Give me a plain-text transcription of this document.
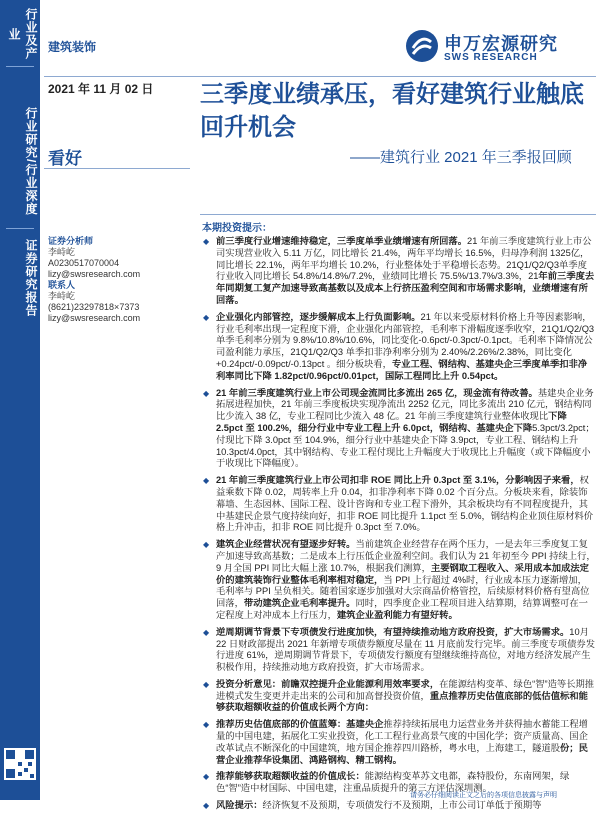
行业及产业
行业研究/行业深度
证券研究报告
建筑装饰	申万宏源研究
SWS RESEARCH
2021 年 11 月 02 日
看好
三季度业绩承压，看好建筑行业触底回升机会
——建筑行业 2021 年三季报回顾
证券分析师
李峙屹
A0230517070004
lizy@swsresearch.com
联系人
李峙屹
(8621)23297818×7373
lizy@swsresearch.com
本期投资提示：
◆ 前三季度行业增速维持稳定，三季度单季业绩增速有所回落。21 年前三季度建筑行业上市公司实现营业收入 5.11 万亿，同比增长 21.4%，两年平均增长 16.5%，归母净利润 1325亿，同比增长 22.1%，两年平均增长 10.2%，行业整体处于平稳增长态势。21Q1/Q2/Q3单季度行业收入同比增长 54.8%/14.8%/7.2%，业绩同比增长 75.5%/13.7%/3.3%，21年前三季度去年同期复工复产加速导致高基数以及成本上行挤压盈利空间和市场需求影响，业绩增速有所回落。
◆ 企业强化内部管控，逐步缓解成本上行负面影响。21 年以来受原材料价格上升等因素影响，行业毛利率出现一定程度下滑，企业强化内部管控，毛利率下滑幅度逐季收窄，21Q1/Q2/Q3 单季毛利率分别为 9.8%/10.8%/10.6%，同比变化-0.6pct/-0.3pct/-0.1pct。毛利率下降情况公司盈利能力承压，21Q1/Q2/Q3 单季扣非净利率分别为 2.40%/2.26%/2.38%，同比变化+0.24pct/-0.09pct/-0.13pct 。细分板块看，专业工程、钢结构、基建央企三季度单季扣非净利率同比下降 1.82pct/0.96pct/0.01pct，国际工程同比上升 0.54pct。
◆ 21 年前三季度建筑行业上市公司现金流同比多流出 265 亿，现金流有待改善。基建央企业务拓展进程加快，21 年前三季度板块实现净流出 2252 亿元，同比多流出 210 亿元，钢结构同比少流入 38 亿，专业工程同比少流入 48 亿。21 年前三季度建筑行业整体收现比下降 2.5pct 至 100.2%，细分行业中专业工程上升 6.0pct，钢结构、基建央企下降5.3pct/3.2pct；付现比下降 3.0pct 至 104.9%，细分行业中基建央企下降 3.9pct，专业工程、钢结构上升 10.3pct/4.0pct，其中钢结构、专业工程付现比上升幅度大于收现比上升幅度（或下降幅度小于收现比下降幅度）。
◆ 21 年前三季度建筑行业上市公司扣非 ROE 同比上升 0.3pct 至 3.1%，分影响因子来看，权益乘数下降 0.02，周转率上升 0.04，扣非净利率下降 0.02 个百分点。分板块来看，除装饰幕墙、生态园林、国际工程、设计咨询和专业工程下滑外，其余板块均有不同程度提升，其中基建民企景气度持续向好，扣非 ROE 同比提升 1.1pct 至 5.0%，钢结构企业顶住原材料价格上升冲击，扣非 ROE 同比提升 0.3pct 至 7.0%。
◆ 建筑企业经营状况有望逐步好转。当前建筑企业经营存在两个压力，一是去年三季度复工复产加速导致高基数；二是成本上行压低企业盈利空间。我们认为 21 年初至今 PPI 持续上行，9 月全国 PPI 同比大幅上涨 10.7%，根据我们测算，主要钢取工程收入、采用成本加成法定价的建筑装饰行业整体毛利率相对稳定，当 PPI 上行超过 4%时，行业成本压力逐渐增加，毛利率与 PPI 呈负相关。随着国家逐步加强对大宗商品价格管控，后续原材料价格有望高位回落，带动建筑企业毛利率提升。同时，四季度企业工程项目进入结算期，结算调整可在一定程度上对冲成本上行压力，建筑企业盈利能力有望好转。
◆ 逆周期调节背景下专项债发行进度加快，有望持续推动地方政府投资，扩大市场需求。10月 22 日财政部提出 2021 年新增专项债券额度尽量在 11 月底前发行完毕。前三季度专项债券发行进度 61%，逆周期调节背景下，专项债发行额度有望继续维持高位，对地方经济发展产生积极作用，持续推动地方政府投资，扩大市场需求。
◆ 投资分析意见：前瞻双控提升企业能源利用效率要求，在能源结构变革、绿色“智”造等长期推进模式发生变更并走出来的公司和加高督投资价值，重点推荐历史估值底部的低估值标和能够获取超额收益的价值成长两个方向：
◆ 推荐历史估值底部的价值蓝筹：基建央企推荐持续拓展电力运营业务并获得抽水蓄能工程增量的中国电建，拓展化工实业投资，化工工程行业高景气度的中国化学；资产质量高、国企改革试点不断深化的中国建筑，地方国企推荐四川路桥，粤水电，上海建工，隧道股份；民营企业推荐华设集团、鸿路钢构、精工钢构。
◆ 推荐能够获取超额收益的价值成长：能源结构变革苏文电都，森特股份，东南网架，绿色“智”造中材国际、中国电建，注重品质提升的第三方评估深圳测。
◆ 风险提示：经济恢复不及预期，专项债发行不及预期，上市公司订单低于预期等
请务必仔细阅读正文之后的各项信息披露与声明
